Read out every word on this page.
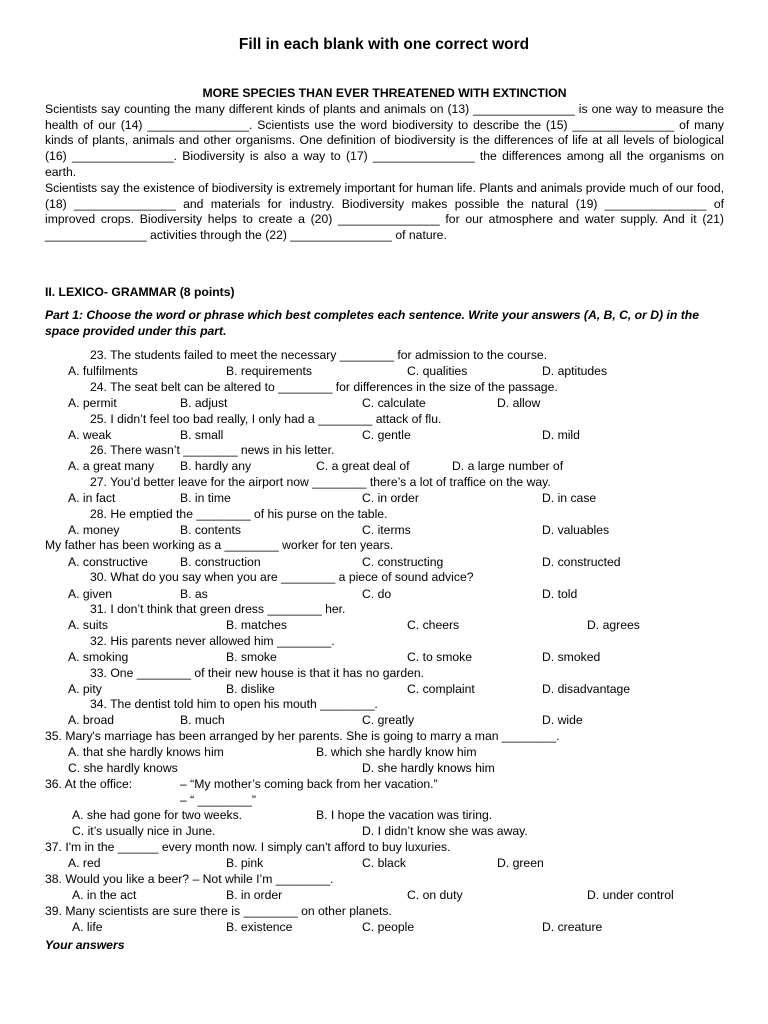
Fill in each blank with one correct word
MORE SPECIES THAN EVER THREATENED WITH EXTINCTION
Scientists say counting the many different kinds of plants and animals on (13) _______________ is one way to measure the health of our (14) _______________. Scientists use the word biodiversity to describe the (15) _______________ of many kinds of plants, animals and other organisms. One definition of biodiversity is the differences of life at all levels of biological (16) _______________. Biodiversity is also a way to (17) _______________ the differences among all the organisms on earth.
Scientists say the existence of biodiversity is extremely important for human life. Plants and animals provide much of our food, (18) _______________ and materials for industry. Biodiversity makes possible the natural (19) _______________ of improved crops. Biodiversity helps to create a (20) _______________ for our atmosphere and water supply. And it (21) _______________ activities through the (22) _______________ of nature.
II. LEXICO- GRAMMAR (8 points)
Part 1: Choose the word or phrase which best completes each sentence. Write your answers (A, B, C, or D) in the space provided under this part.
23. The students failed to meet the necessary ________ for admission to the course.
A. fulfilments	B. requirements	C. qualities	D. aptitudes
24. The seat belt can be altered to ________ for differences in the size of the passage.
A. permit	B. adjust	C. calculate	D. allow
25. I didn’t feel too bad really, I only had a ________ attack of flu.
A. weak	B. small	C. gentle	D. mild
26. There wasn’t ________ news in his letter.
A. a great many B. hardly any	C. a great deal of	D. a large number of
27. You’d better leave for the airport now ________ there’s a lot of traffice on the way.
A. in fact	B. in time	C. in order	D. in case
28. He emptied the ________ of his purse on the table.
A. money	B. contents	C. iterms	D. valuables
My father has been working as a ________ worker for ten years.
A. constructive	B. construction	C. constructing	D. constructed
30. What do you say when you are ________ a piece of sound advice?
A. given	B. as	C. do	D. told
31. I don’t think that green dress ________ her.
A. suits	B. matches	C. cheers	D. agrees
32. His parents never allowed him ________.
A. smoking	B. smoke	C. to smoke	D. smoked
33. One ________ of their new house is that it has no garden.
A. pity	B. dislike	C. complaint	D. disadvantage
34. The dentist told him to open his mouth ________.
A. broad	B. much	C. greatly	D. wide
35. Mary's marriage has been arranged by her parents. She is going to marry a man ________.
A. that she hardly knows him	B. which she hardly know him
C. she hardly knows	D. she hardly knows him
36. At the office:	– “My mother’s coming back from her vacation.”
– “ ________”
A. she had gone for two weeks.	B. I hope the vacation was tiring.
C. it’s usually nice in June.	D. I didn’t know she was away.
37. I'm in the ______ every month now. I simply can't afford to buy luxuries.
A. red	B. pink	C. black	D. green
38. Would you like a beer? – Not while I’m ________.
A. in the act	B. in order	C. on duty	D. under control
39. Many scientists are sure there is ________ on other planets.
A. life	B. existence	C. people	D. creature
Your answers
